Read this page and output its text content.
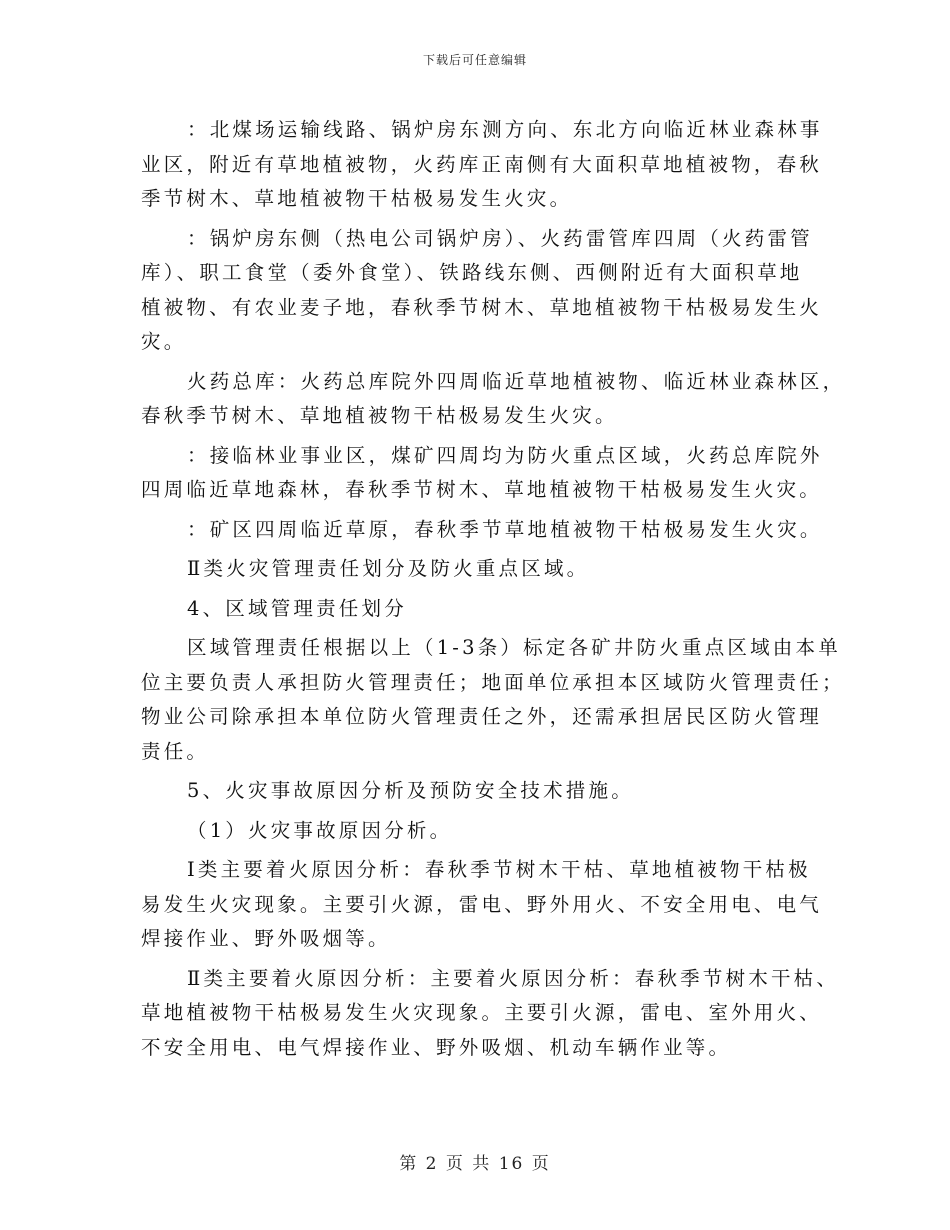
下载后可任意编辑
：北煤场运输线路、锅炉房东测方向、东北方向临近林业森林事
业区，附近有草地植被物，火药库正南侧有大面积草地植被物，春秋
季节树木、草地植被物干枯极易发生火灾。
：锅炉房东侧（热电公司锅炉房）、火药雷管库四周（火药雷管
库）、职工食堂（委外食堂）、铁路线东侧、西侧附近有大面积草地
植被物、有农业麦子地，春秋季节树木、草地植被物干枯极易发生火
灾。
火药总库：火药总库院外四周临近草地植被物、临近林业森林区，
春秋季节树木、草地植被物干枯极易发生火灾。
：接临林业事业区，煤矿四周均为防火重点区域，火药总库院外
四周临近草地森林，春秋季节树木、草地植被物干枯极易发生火灾。
：矿区四周临近草原，春秋季节草地植被物干枯极易发生火灾。
Ⅱ类火灾管理责任划分及防火重点区域。
4、区域管理责任划分
区域管理责任根据以上（1-3条）标定各矿井防火重点区域由本单
位主要负责人承担防火管理责任；地面单位承担本区域防火管理责任；
物业公司除承担本单位防火管理责任之外，还需承担居民区防火管理
责任。
5、火灾事故原因分析及预防安全技术措施。
（1）火灾事故原因分析。
Ⅰ类主要着火原因分析：春秋季节树木干枯、草地植被物干枯极
易发生火灾现象。主要引火源，雷电、野外用火、不安全用电、电气
焊接作业、野外吸烟等。
Ⅱ类主要着火原因分析：主要着火原因分析：春秋季节树木干枯、
草地植被物干枯极易发生火灾现象。主要引火源，雷电、室外用火、
不安全用电、电气焊接作业、野外吸烟、机动车辆作业等。
第 2 页 共 16 页
